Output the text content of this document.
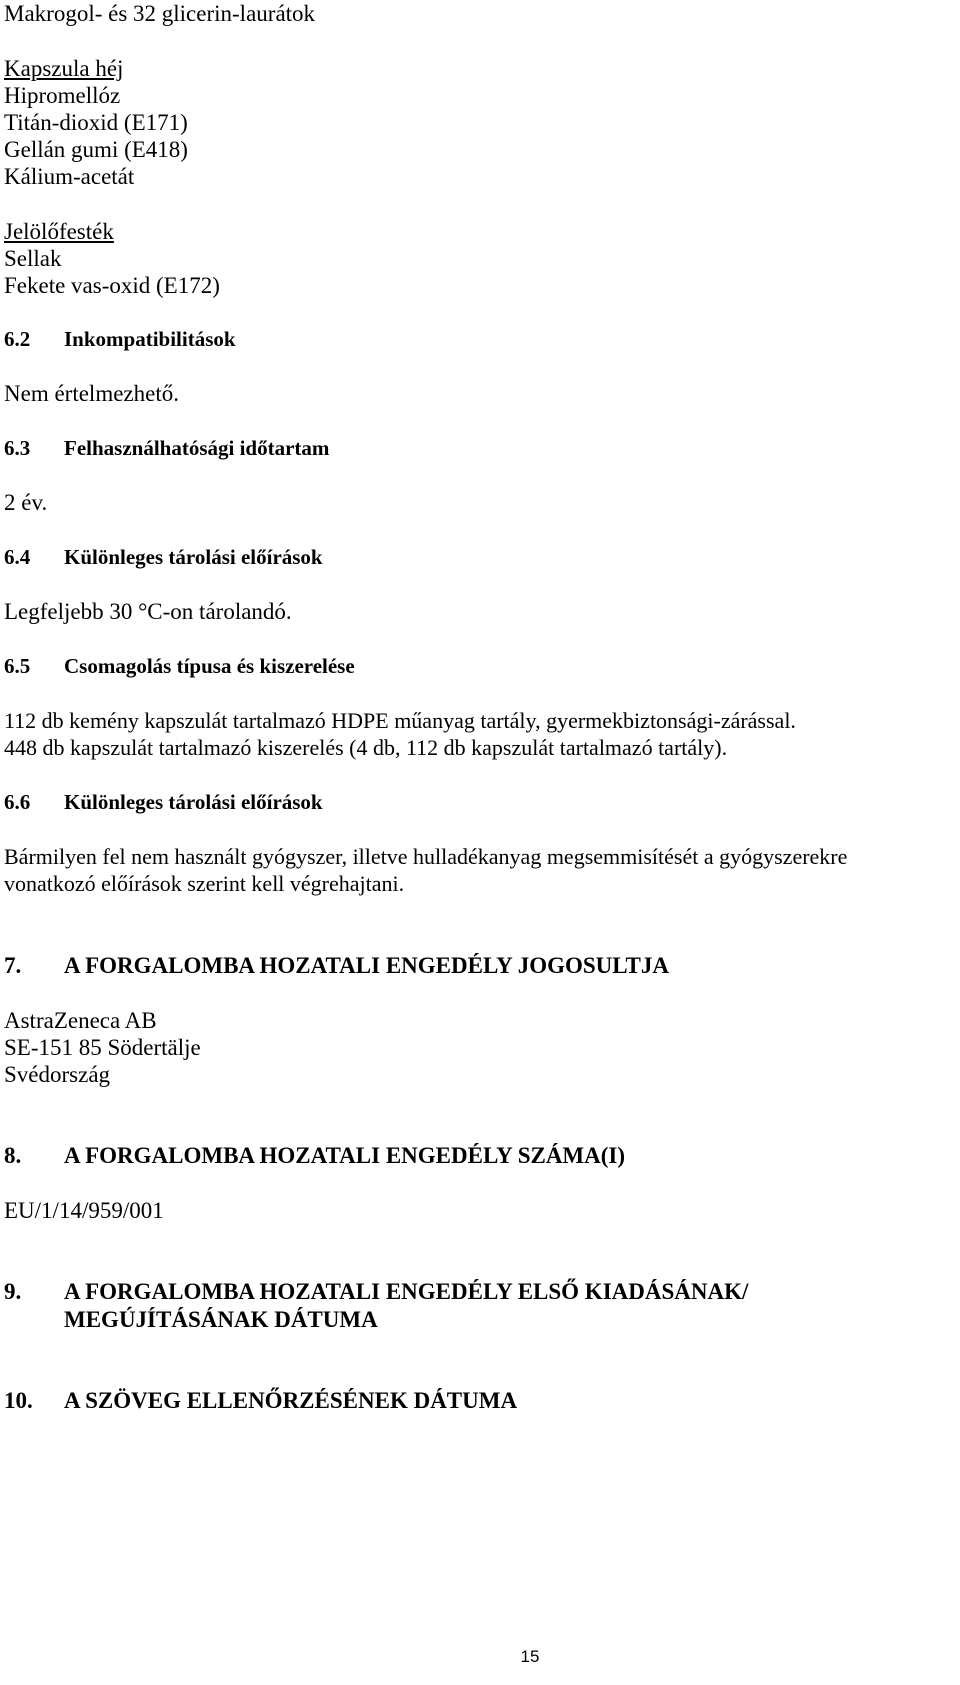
Makrogol- és 32 glicerin-laurátok
Kapszula héj
Hipromellóz
Titán-dioxid (E171)
Gellán gumi (E418)
Kálium-acetát
Jelölőfesték
Sellak
Fekete vas-oxid (E172)
6.2 Inkompatibilitások
Nem értelmezhető.
6.3 Felhasználhatósági időtartam
2 év.
6.4 Különleges tárolási előírások
Legfeljebb 30 °C-on tárolandó.
6.5 Csomagolás típusa és kiszerelése
112 db kemény kapszulát tartalmazó HDPE műanyag tartály, gyermekbiztonsági-zárással.
448 db kapszulát tartalmazó kiszerelés (4 db, 112 db kapszulát tartalmazó tartály).
6.6 Különleges tárolási előírások
Bármilyen fel nem használt gyógyszer, illetve hulladékanyag megsemmisítését a gyógyszerekre
vonatkozó előírások szerint kell végrehajtani.
7. A FORGALOMBA HOZATALI ENGEDÉLY JOGOSULTJA
AstraZeneca AB
SE-151 85 Södertälje
Svédország
8. A FORGALOMBA HOZATALI ENGEDÉLY SZÁMA(I)
EU/1/14/959/001
9. A FORGALOMBA HOZATALI ENGEDÉLY ELSŐ KIADÁSÁNAK/
MEGÚJÍTÁSÁNAK DÁTUMA
10. A SZÖVEG ELLENŐRZÉSÉNEK DÁTUMA
15
